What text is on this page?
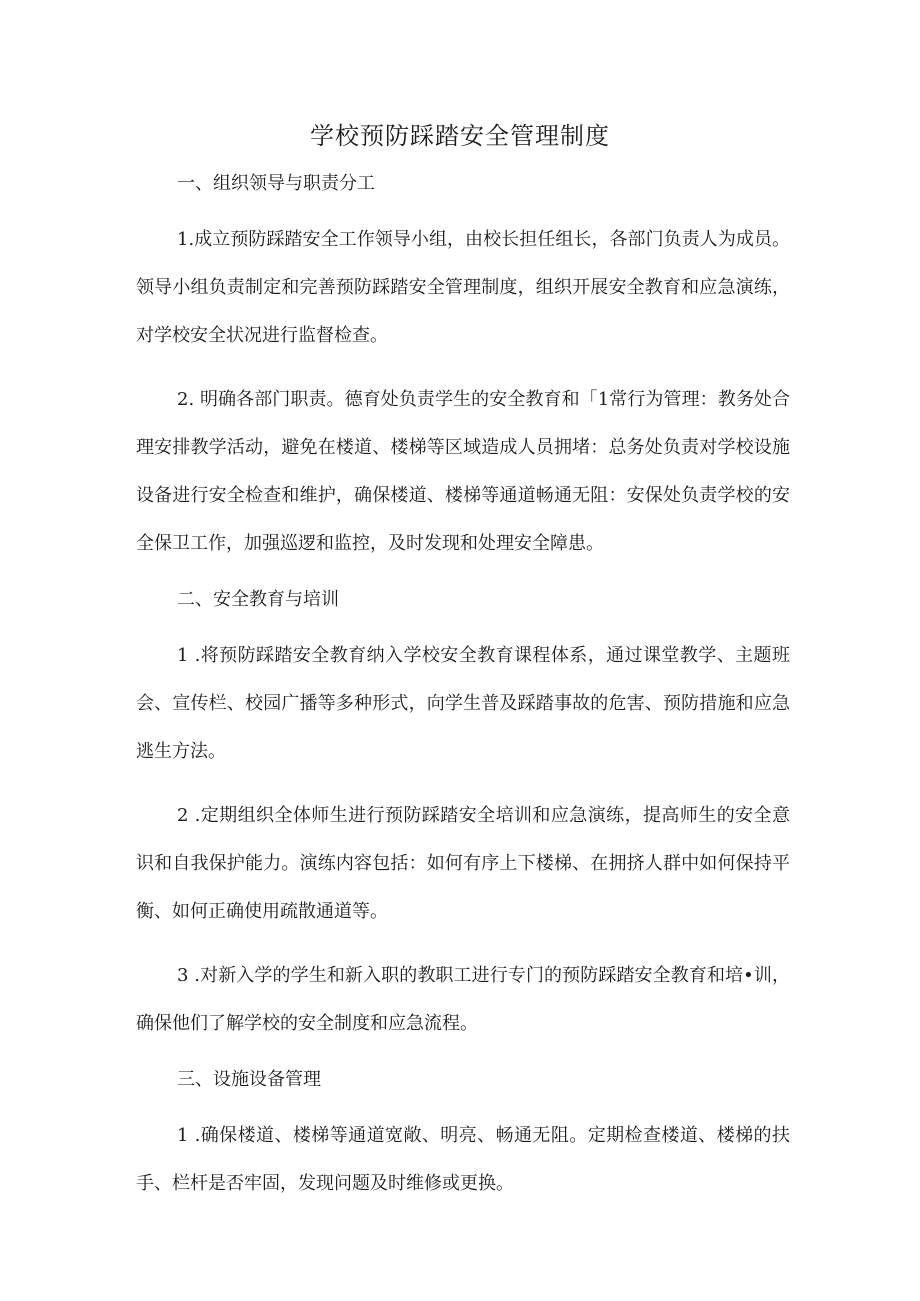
学校预防踩踏安全管理制度

一、组织领导与职责分工

1.成立预防踩踏安全工作领导小组，由校长担任组长，各部门负责人为成员。领导小组负责制定和完善预防踩踏安全管理制度，组织开展安全教育和应急演练，对学校安全状况进行监督检查。

2. 明确各部门职责。德育处负责学生的安全教育和「1常行为管理：教务处合理安排教学活动，避免在楼道、楼梯等区域造成人员拥堵：总务处负责对学校设施设备进行安全检查和维护，确保楼道、楼梯等通道畅通无阻：安保处负责学校的安全保卫工作，加强巡逻和监控，及时发现和处理安全障患。

二、安全教育与培训

1 .将预防踩踏安全教育纳入学校安全教育课程体系，通过课堂教学、主题班会、宣传栏、校园广播等多种形式，向学生普及踩踏事故的危害、预防措施和应急逃生方法。

2 .定期组织全体师生进行预防踩踏安全培训和应急演练，提高师生的安全意识和自我保护能力。演练内容包括：如何有序上下楼梯、在拥挤人群中如何保持平衡、如何正确使用疏散通道等。

3 .对新入学的学生和新入职的教职工进行专门的预防踩踏安全教育和培•训，确保他们了解学校的安全制度和应急流程。

三、设施设备管理

1 .确保楼道、楼梯等通道宽敞、明亮、畅通无阻。定期检查楼道、楼梯的扶手、栏杆是否牢固，发现问题及时维修或更换。
